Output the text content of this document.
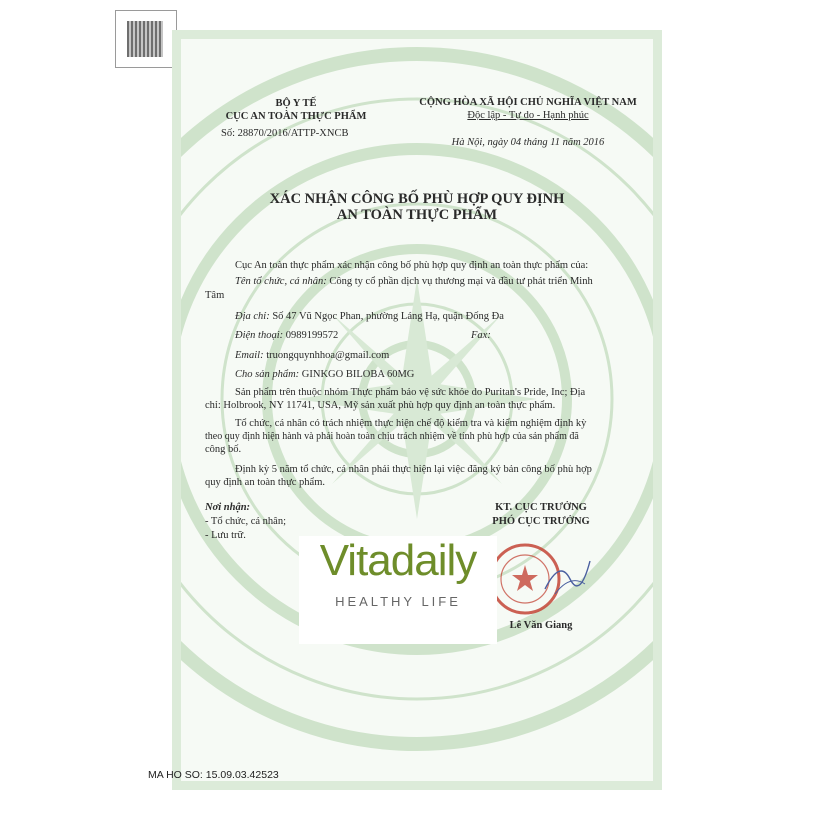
BỘ Y TẾ
CỤC AN TOÀN THỰC PHẨM
Số: 28870/2016/ATTP-XNCB
CỘNG HÒA XÃ HỘI CHỦ NGHĨA VIỆT NAM
Độc lập - Tự do - Hạnh phúc
Hà Nội, ngày 04 tháng 11 năm 2016
XÁC NHẬN CÔNG BỐ PHÙ HỢP QUY ĐỊNH
AN TOÀN THỰC PHẨM
Cục An toàn thực phẩm xác nhận công bố phù hợp quy định an toàn thực phẩm của:
Tên tổ chức, cá nhân: Công ty cổ phần dịch vụ thương mại và đầu tư phát triển Minh
Tâm
Địa chỉ: Số 47 Vũ Ngọc Phan, phường Láng Hạ, quận Đống Đa
Điện thoại: 0989199572	Fax:
Email: truongquynhhoa@gmail.com
Cho sản phẩm: GINKGO BILOBA 60MG
Sản phẩm trên thuộc nhóm Thực phẩm bảo vệ sức khỏe do Puritan's Pride, Inc; Địa
chỉ: Holbrook, NY 11741, USA, Mỹ sản xuất phù hợp quy định an toàn thực phẩm.
Tổ chức, cá nhân có trách nhiệm thực hiện chế độ kiểm tra và kiểm nghiệm định kỳ
theo quy định hiện hành và phải hoàn toàn chịu trách nhiệm về tính phù hợp của sản phẩm đã
công bố.
Định kỳ 5 năm tổ chức, cá nhân phải thực hiện lại việc đăng ký bản công bố phù hợp
quy định an toàn thực phẩm.
Nơi nhận:
- Tổ chức, cá nhân;
- Lưu trữ.
KT. CỤC TRƯỞNG
PHÓ CỤC TRƯỞNG
Lê Văn Giang
Vitadaily
HEALTHY LIFE
MA HO SO: 15.09.03.42523
